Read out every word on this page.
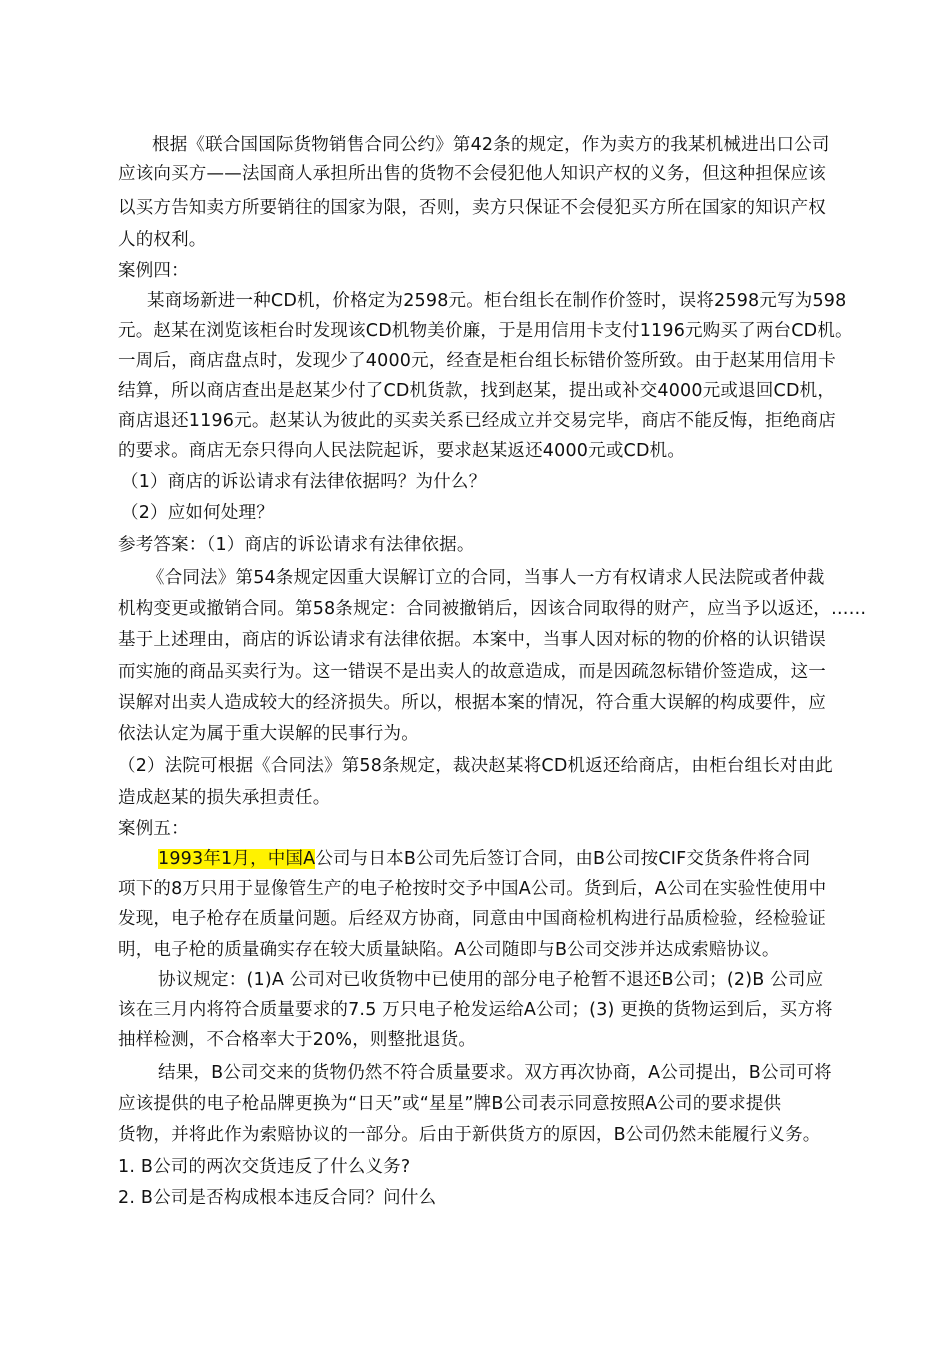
根据《联合国国际货物销售合同公约》第42条的规定，作为卖方的我某机械进出口公司
应该向买方——法国商人承担所出售的货物不会侵犯他人知识产权的义务，但这种担保应该
以买方告知卖方所要销往的国家为限，否则，卖方只保证不会侵犯买方所在国家的知识产权
人的权利。
案例四：
某商场新进一种CD机，价格定为2598元。柜台组长在制作价签时，误将2598元写为598
元。赵某在浏览该柜台时发现该CD机物美价廉，于是用信用卡支付1196元购买了两台CD机。
一周后，商店盘点时，发现少了4000元，经查是柜台组长标错价签所致。由于赵某用信用卡
结算，所以商店查出是赵某少付了CD机货款，找到赵某，提出或补交4000元或退回CD机，
商店退还1196元。赵某认为彼此的买卖关系已经成立并交易完毕，商店不能反悔，拒绝商店
的要求。商店无奈只得向人民法院起诉，要求赵某返还4000元或CD机。
（1）商店的诉讼请求有法律依据吗？为什么？
（2）应如何处理？
参考答案：（1）商店的诉讼请求有法律依据。
《合同法》第54条规定因重大误解订立的合同，当事人一方有权请求人民法院或者仲裁
机构变更或撤销合同。第58条规定：合同被撤销后，因该合同取得的财产，应当予以返还，……
基于上述理由，商店的诉讼请求有法律依据。本案中，当事人因对标的物的价格的认识错误
而实施的商品买卖行为。这一错误不是出卖人的故意造成，而是因疏忽标错价签造成，这一
误解对出卖人造成较大的经济损失。所以，根据本案的情况，符合重大误解的构成要件，应
依法认定为属于重大误解的民事行为。
（2）法院可根据《合同法》第58条规定，裁决赵某将CD机返还给商店，由柜台组长对由此
造成赵某的损失承担责任。
案例五：
1993年1月，中国A公司与日本B公司先后签订合同，由B公司按CIF交货条件将合同
项下的8万只用于显像管生产的电子枪按时交予中国A公司。货到后，A公司在实验性使用中
发现，电子枪存在质量问题。后经双方协商，同意由中国商检机构进行品质检验，经检验证
明，电子枪的质量确实存在较大质量缺陷。A公司随即与B公司交涉并达成索赔协议。
协议规定：(1)A 公司对已收货物中已使用的部分电子枪暂不退还B公司；(2)B 公司应
该在三月内将符合质量要求的7.5 万只电子枪发运给A公司；(3) 更换的货物运到后，买方将
抽样检测，不合格率大于20%，则整批退货。
结果，B公司交来的货物仍然不符合质量要求。双方再次协商，A公司提出，B公司可将
应该提供的电子枪品牌更换为“日天”或“星星”牌B公司表示同意按照A公司的要求提供
货物，并将此作为索赔协议的一部分。后由于新供货方的原因，B公司仍然未能履行义务。
1. B公司的两次交货违反了什么义务?
2. B公司是否构成根本违反合同？问什么
